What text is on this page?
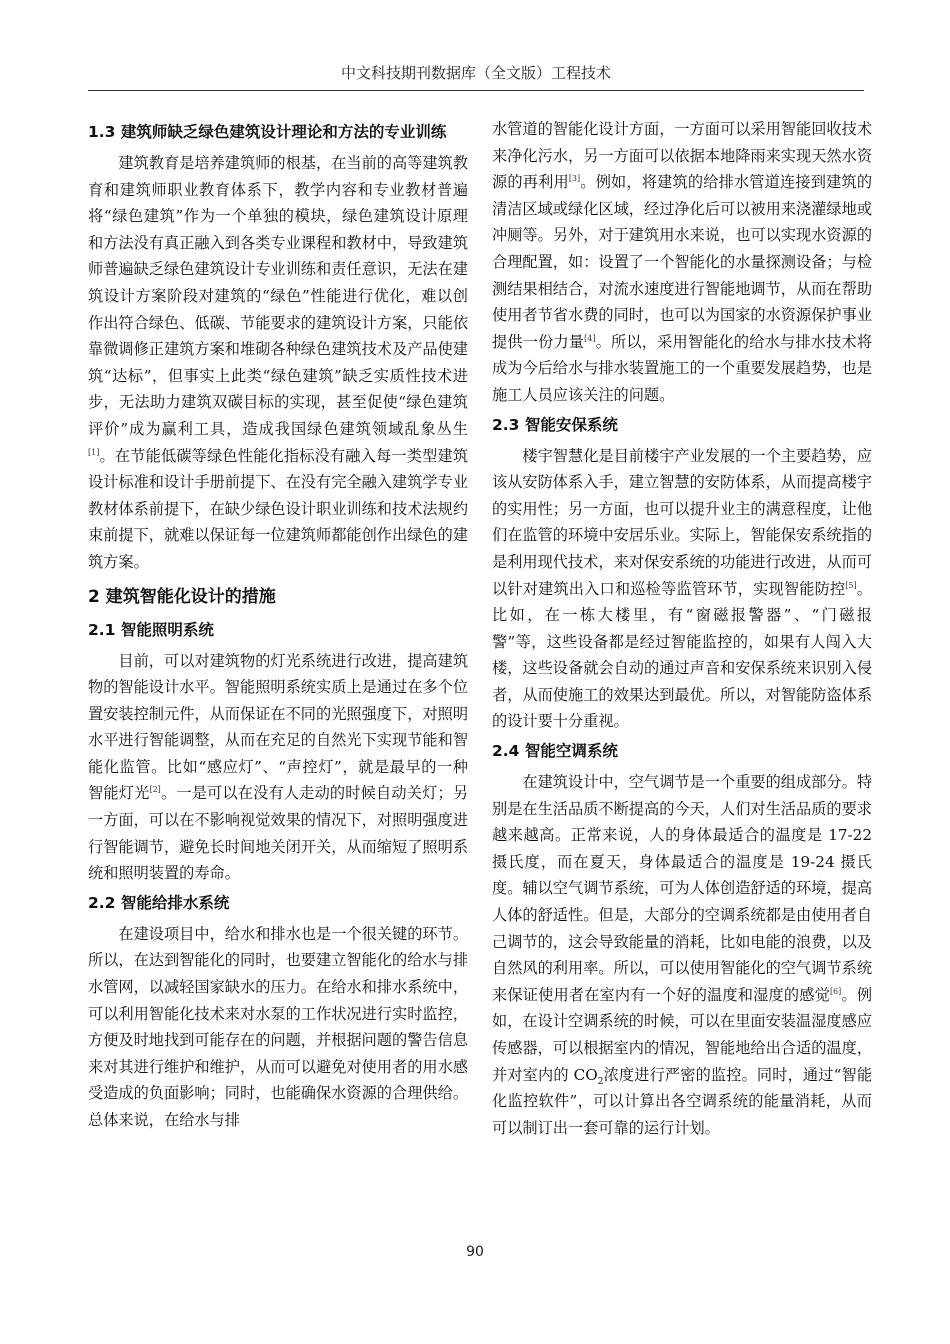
中文科技期刊数据库（全文版）工程技术
1.3 建筑师缺乏绿色建筑设计理论和方法的专业训练

建筑教育是培养建筑师的根基，在当前的高等建筑教育和建筑师职业教育体系下，教学内容和专业教材普遍将“绿色建筑”作为一个单独的模块，绿色建筑设计原理和方法没有真正融入到各类专业课程和教材中，导致建筑师普遍缺乏绿色建筑设计专业训练和责任意识，无法在建筑设计方案阶段对建筑的“绿色”性能进行优化，难以创作出符合绿色、低碳、节能要求的建筑设计方案，只能依靠微调修正建筑方案和堆砌各种绿色建筑技术及产品使建筑“达标”，但事实上此类“绿色建筑”缺乏实质性技术进步，无法助力建筑双碳目标的实现，甚至促使“绿色建筑评价”成为赢利工具，造成我国绿色建筑领域乱象丛生[1]。在节能低碳等绿色性能化指标没有融入每一类型建筑设计标准和设计手册前提下、在没有完全融入建筑学专业教材体系前提下，在缺少绿色设计职业训练和技术法规约束前提下，就难以保证每一位建筑师都能创作出绿色的建筑方案。

2 建筑智能化设计的措施
2.1 智能照明系统

目前，可以对建筑物的灯光系统进行改进，提高建筑物的智能设计水平。智能照明系统实质上是通过在多个位置安装控制元件，从而保证在不同的光照强度下，对照明水平进行智能调整，从而在充足的自然光下实现节能和智能化监管。比如“感应灯”、“声控灯”，就是最早的一种智能灯光[2]。一是可以在没有人走动的时候自动关灯；另一方面，可以在不影响视觉效果的情况下，对照明强度进行智能调节，避免长时间地关闭开关，从而缩短了照明系统和照明装置的寿命。

2.2 智能给排水系统

在建设项目中，给水和排水也是一个很关键的环节。所以，在达到智能化的同时，也要建立智能化的给水与排水管网，以减轻国家缺水的压力。在给水和排水系统中，可以利用智能化技术来对水泵的工作状况进行实时监控，方便及时地找到可能存在的问题，并根据问题的警告信息来对其进行维护和维护，从而可以避免对使用者的用水感受造成的负面影响；同时，也能确保水资源的合理供给。总体来说，在给水与排

水管道的智能化设计方面，一方面可以采用智能回收技术来净化污水，另一方面可以依据本地降雨来实现天然水资源的再利用[3]。例如，将建筑的给排水管道连接到建筑的清洁区域或绿化区域，经过净化后可以被用来浇灌绿地或冲厕等。另外，对于建筑用水来说，也可以实现水资源的合理配置，如：设置了一个智能化的水量探测设备；与检测结果相结合，对流水速度进行智能地调节，从而在帮助使用者节省水费的同时，也可以为国家的水资源保护事业提供一份力量[4]。所以，采用智能化的给水与排水技术将成为今后给水与排水装置施工的一个重要发展趋势，也是施工人员应该关注的问题。

2.3 智能安保系统

楼宇智慧化是目前楼宇产业发展的一个主要趋势，应该从安防体系入手，建立智慧的安防体系，从而提高楼宇的实用性；另一方面，也可以提升业主的满意程度，让他们在监管的环境中安居乐业。实际上，智能保安系统指的是利用现代技术，来对保安系统的功能进行改进，从而可以针对建筑出入口和巡检等监管环节，实现智能防控[5]。比如，在一栋大楼里，有“窗磁报警器”、“门磁报警”等，这些设备都是经过智能监控的，如果有人闯入大楼，这些设备就会自动的通过声音和安保系统来识别入侵者，从而使施工的效果达到最优。所以，对智能防盗体系的设计要十分重视。

2.4 智能空调系统

在建筑设计中，空气调节是一个重要的组成部分。特别是在生活品质不断提高的今天，人们对生活品质的要求越来越高。正常来说，人的身体最适合的温度是 17-22 摄氏度，而在夏天，身体最适合的温度是 19-24 摄氏度。辅以空气调节系统，可为人体创造舒适的环境，提高人体的舒适性。但是，大部分的空调系统都是由使用者自己调节的，这会导致能量的消耗，比如电能的浪费，以及自然风的利用率。所以，可以使用智能化的空气调节系统来保证使用者在室内有一个好的温度和湿度的感觉[6]。例如，在设计空调系统的时候，可以在里面安装温湿度感应传感器，可以根据室内的情况，智能地给出合适的温度，并对室内的 $CO_2$浓度进行严密的监控。同时，通过“智能化监控软件”，可以计算出各空调系统的能量消耗，从而可以制订出一套可靠的运行计划。

90
